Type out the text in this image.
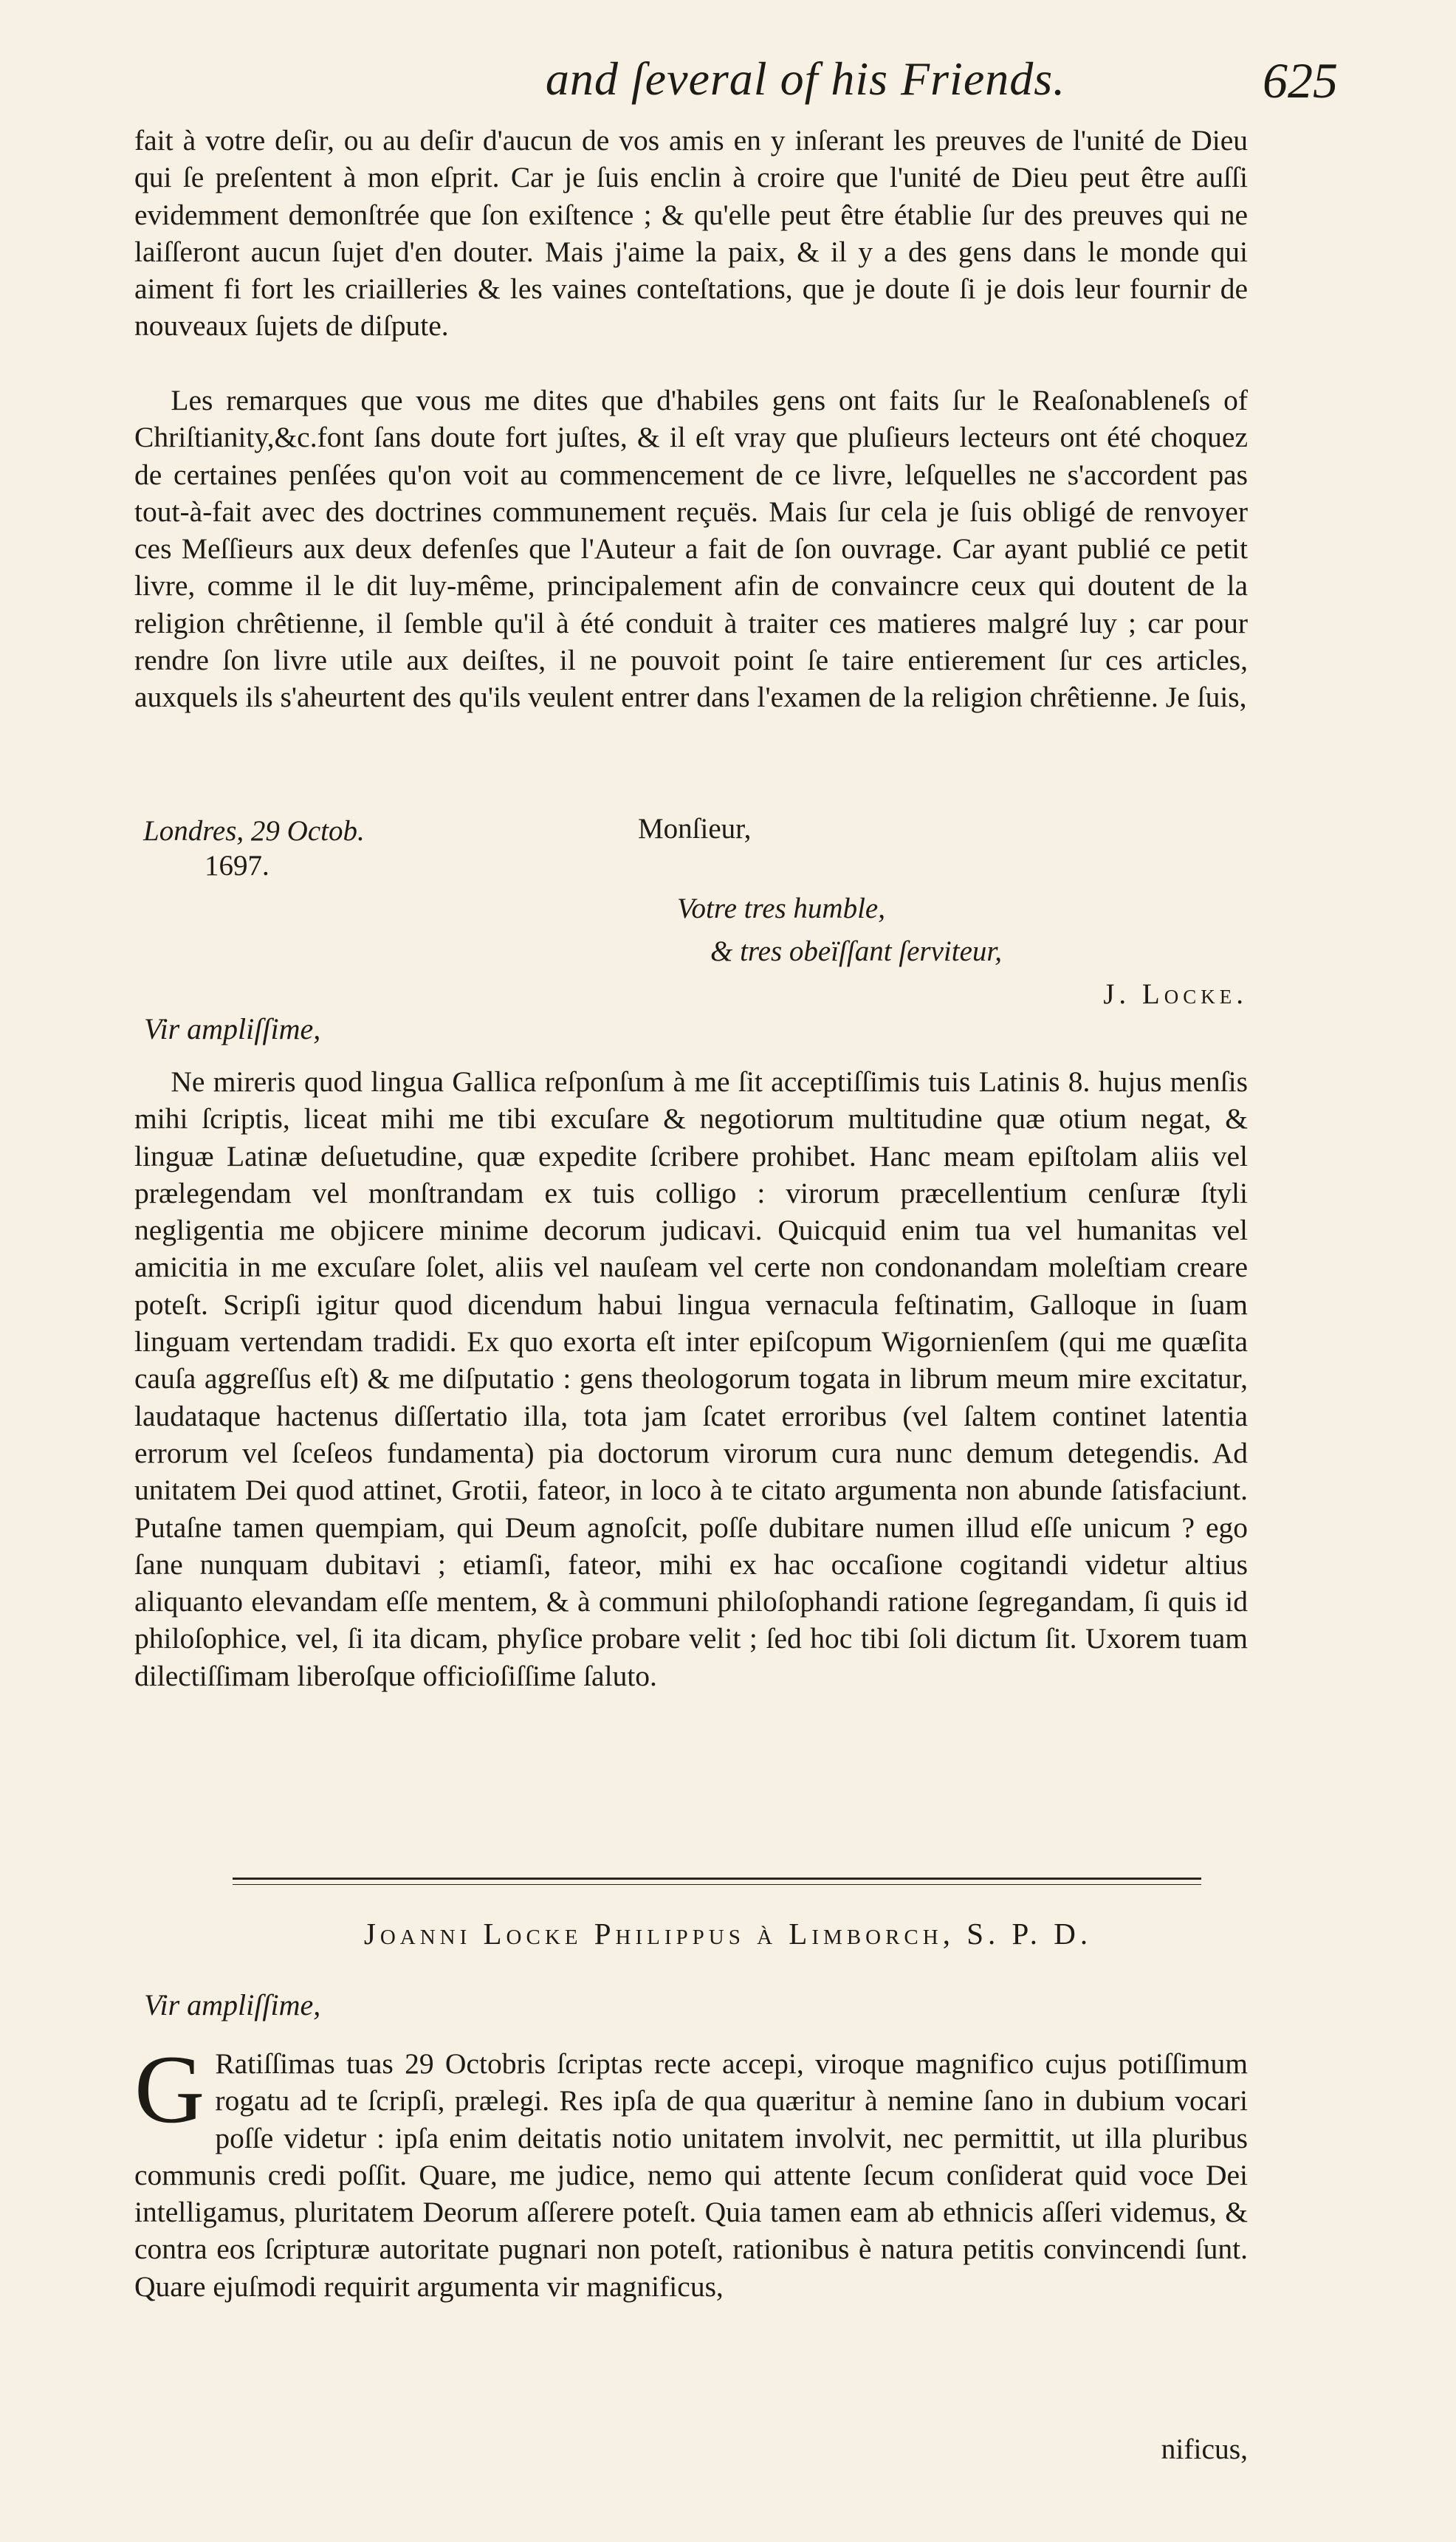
and ſeveral of his Friends.	625

fait à votre deſir, ou au deſir d'aucun de vos amis en y inſerant les preuves de l'unité de Dieu qui ſe preſentent à mon eſprit. Car je ſuis enclin à croire que l'unité de Dieu peut être auſſi evidemment demonſtrée que ſon exiſtence ; & qu'elle peut être établie ſur des preuves qui ne laiſſeront aucun ſujet d'en douter. Mais j'aime la paix, & il y a des gens dans le monde qui aiment fi fort les criailleries & les vaines conteſtations, que je doute ſi je dois leur fournir de nouveaux ſujets de diſpute.

Les remarques que vous me dites que d'habiles gens ont faits ſur le Reaſonableneſs of Chriſtianity,&c.font ſans doute fort juſtes, & il eſt vray que pluſieurs lecteurs ont été choquez de certaines penſées qu'on voit au commencement de ce livre, leſquelles ne s'accordent pas tout-à-fait avec des doctrines communement reçuës. Mais ſur cela je ſuis obligé de renvoyer ces Meſſieurs aux deux defenſes que l'Auteur a fait de ſon ouvrage. Car ayant publié ce petit livre, comme il le dit luy-même, principalement afin de convaincre ceux qui doutent de la religion chrêtienne, il ſemble qu'il à été conduit à traiter ces matieres malgré luy ; car pour rendre ſon livre utile aux deiſtes, il ne pouvoit point ſe taire entierement ſur ces articles, auxquels ils s'aheurtent des qu'ils veulent entrer dans l'examen de la religion chrêtienne. Je ſuis,

Londres, 29 Octob.
1697.
Monſieur,
Votre tres humble,
& tres obeïſſant ſerviteur,
J. Locke.
Vir ampliſſime,

Ne mireris quod lingua Gallica reſponſum à me ſit acceptiſſimis tuis Latinis 8. hujus menſis mihi ſcriptis, liceat mihi me tibi excuſare & negotiorum multitudine quæ otium negat, & linguæ Latinæ deſuetudine, quæ expedite ſcribere prohibet. Hanc meam epiſtolam aliis vel prælegendam vel monſtrandam ex tuis colligo : virorum præcellentium cenſuræ ſtyli negligentia me objicere minime decorum judicavi. Quicquid enim tua vel humanitas vel amicitia in me excuſare ſolet, aliis vel nauſeam vel certe non condonandam moleſtiam creare poteſt. Scripſi igitur quod dicendum habui lingua vernacula feſtinatim, Galloque in ſuam linguam vertendam tradidi. Ex quo exorta eſt inter epiſcopum Wigornienſem (qui me quæſita cauſa aggreſſus eſt) & me diſputatio : gens theologorum togata in librum meum mire excitatur, laudataque hactenus diſſertatio illa, tota jam ſcatet erroribus (vel ſaltem continet latentia errorum vel ſceſeos fundamenta) pia doctorum virorum cura nunc demum detegendis. Ad unitatem Dei quod attinet, Grotii, fateor, in loco à te citato argumenta non abunde ſatisfaciunt. Putaſne tamen quempiam, qui Deum agnoſcit, poſſe dubitare numen illud eſſe unicum ? ego ſane nunquam dubitavi ; etiamſi, fateor, mihi ex hac occaſione cogitandi videtur altius aliquanto elevandam eſſe mentem, & à communi philoſophandi ratione ſegregandam, ſi quis id philoſophice, vel, ſi ita dicam, phyſice probare velit ; ſed hoc tibi ſoli dictum ſit. Uxorem tuam dilectiſſimam liberoſque officioſiſſime ſaluto.

Joanni Locke Philippus à Limborch, S. P. D.
Vir ampliſſime,

G Ratiſſimas tuas 29 Octobris ſcriptas recte accepi, viroque magnifico cujus potiſſimum rogatu ad te ſcripſi, prælegi. Res ipſa de qua quæritur à nemine ſano in dubium vocari poſſe videtur : ipſa enim deitatis notio unitatem involvit, nec permittit, ut illa pluribus communis credi poſſit. Quare, me judice, nemo qui attente ſecum conſiderat quid voce Dei intelligamus, pluritatem Deorum aſſerere poteſt. Quia tamen eam ab ethnicis aſſeri videmus, & contra eos ſcripturæ autoritate pugnari non poteſt, rationibus è natura petitis convincendi ſunt. Quare ejuſmodi requirit argumenta vir magnificus,

nificus,
